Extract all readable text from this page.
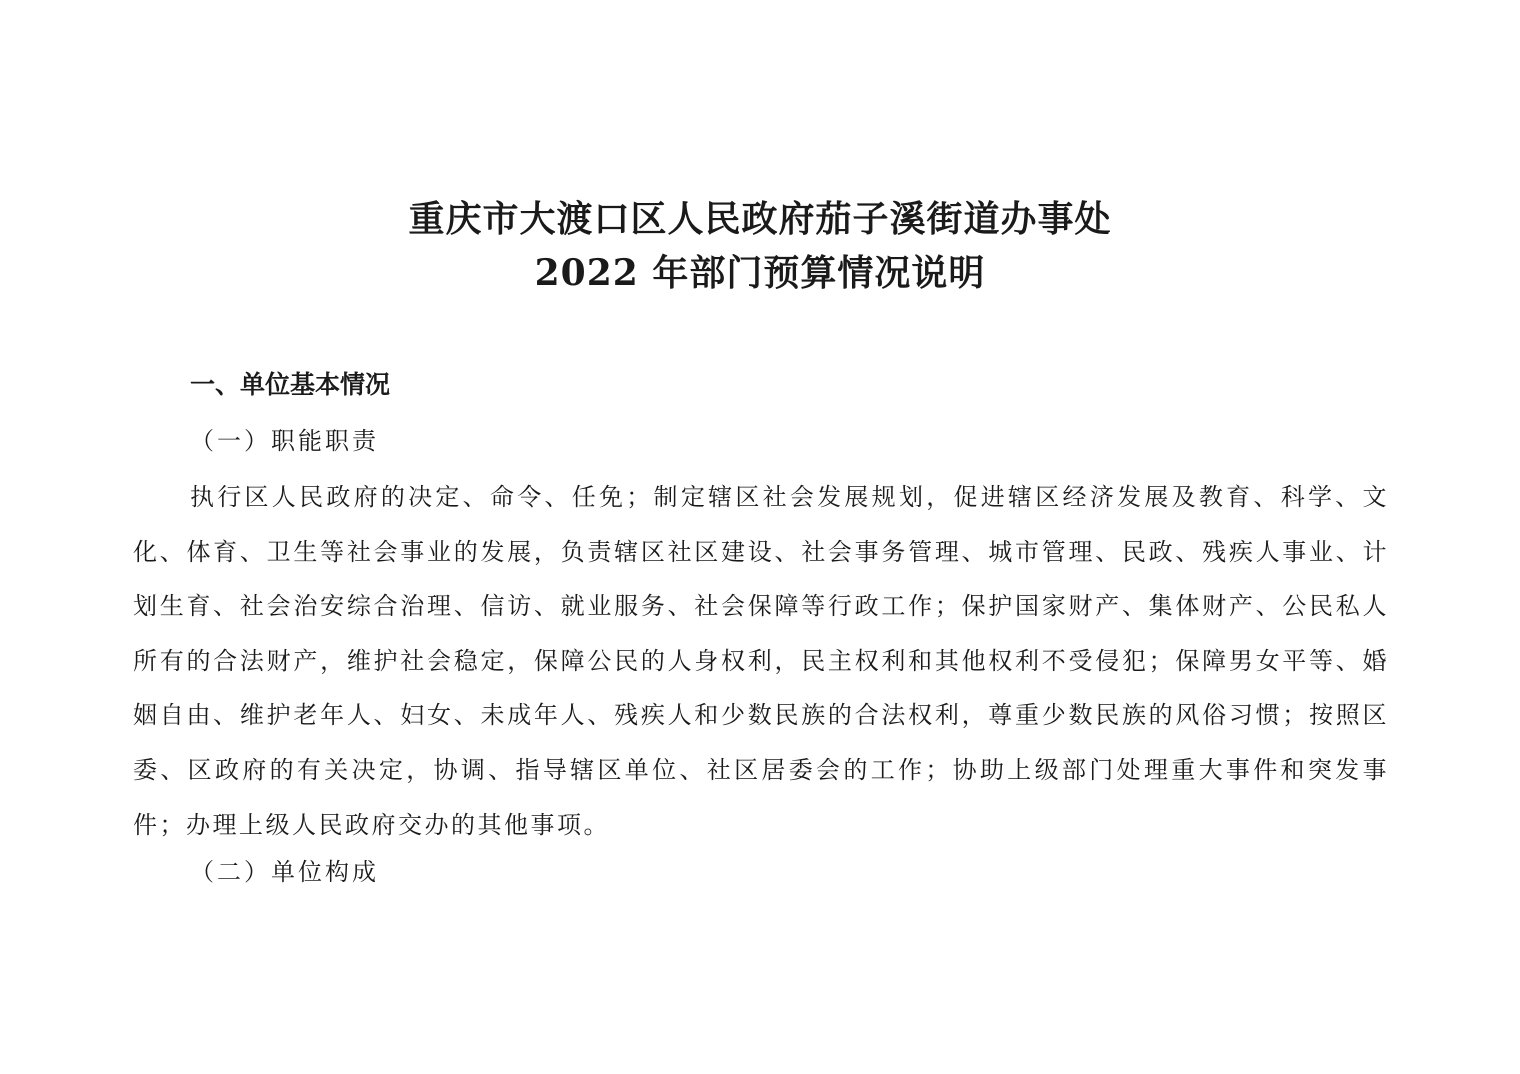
重庆市大渡口区人民政府茄子溪街道办事处
2022 年部门预算情况说明
一、单位基本情况
（一）职能职责

执行区人民政府的决定、命令、任免；制定辖区社会发展规划，促进辖区经济发展及教育、科学、文化、体育、卫生等社会事业的发展，负责辖区社区建设、社会事务管理、城市管理、民政、残疾人事业、计划生育、社会治安综合治理、信访、就业服务、社会保障等行政工作；保护国家财产、集体财产、公民私人所有的合法财产，维护社会稳定，保障公民的人身权利，民主权利和其他权利不受侵犯；保障男女平等、婚姻自由、维护老年人、妇女、未成年人、残疾人和少数民族的合法权利，尊重少数民族的风俗习惯；按照区委、区政府的有关决定，协调、指导辖区单位、社区居委会的工作；协助上级部门处理重大事件和突发事件；办理上级人民政府交办的其他事项。

（二）单位构成
